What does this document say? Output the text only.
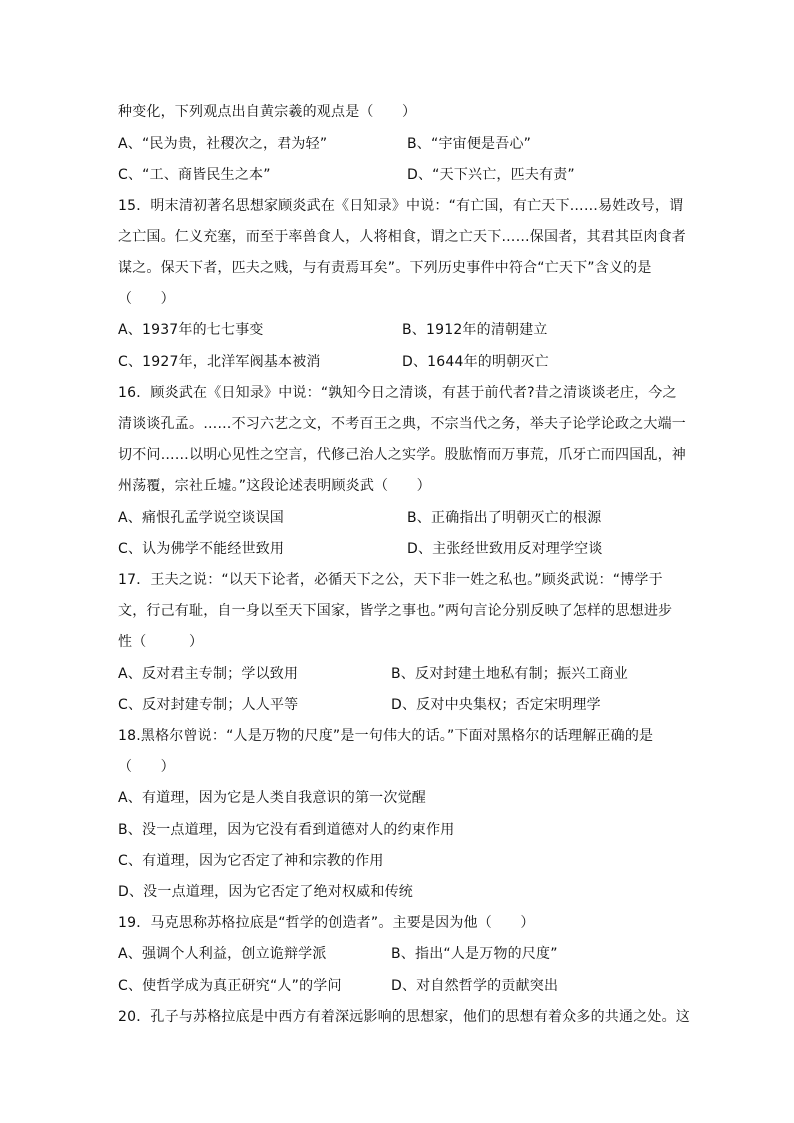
种变化，下列观点出自黄宗羲的观点是（　　）
A、“民为贵，社稷次之，君为轻”	B、“宇宙便是吾心”
C、“工、商皆民生之本”	D、“天下兴亡，匹夫有责”
15．明末清初著名思想家顾炎武在《日知录》中说：“有亡国，有亡天下……易姓改号，谓
之亡国。仁义充塞，而至于率兽食人，人将相食，谓之亡天下……保国者，其君其臣肉食者
谋之。保天下者，匹夫之贱，与有责焉耳矣”。下列历史事件中符合“亡天下”含义的是
（　　）
A、1937年的七七事变	B、1912年的清朝建立
C、1927年，北洋军阀基本被消	D、1644年的明朝灭亡
16．顾炎武在《日知录》中说：“孰知今日之清谈，有甚于前代者?昔之清谈谈老庄，今之
清谈谈孔孟。……不习六艺之文，不考百王之典，不宗当代之务，举夫子论学论政之大端一
切不问……以明心见性之空言，代修己治人之实学。股肱惰而万事荒，爪牙亡而四国乱，神
州荡覆，宗社丘墟。”这段论述表明顾炎武（　　）
A、痛恨孔孟学说空谈误国	B、正确指出了明朝灭亡的根源
C、认为佛学不能经世致用	D、主张经世致用反对理学空谈
17．王夫之说：“以天下论者，必循天下之公，天下非一姓之私也。”顾炎武说：“博学于
文，行己有耻，自一身以至天下国家，皆学之事也。”两句言论分别反映了怎样的思想进步
性（　　　）
A、反对君主专制；学以致用	B、反对封建土地私有制；振兴工商业
C、反对封建专制；人人平等	D、反对中央集权；否定宋明理学
18.黑格尔曾说：“人是万物的尺度”是一句伟大的话。”下面对黑格尔的话理解正确的是
（　　）
A、有道理，因为它是人类自我意识的第一次觉醒
B、没一点道理，因为它没有看到道德对人的约束作用
C、有道理，因为它否定了神和宗教的作用
D、没一点道理，因为它否定了绝对权威和传统
19．马克思称苏格拉底是“哲学的创造者”。主要是因为他（　　）
A、强调个人利益，创立诡辩学派	B、指出“人是万物的尺度”
C、使哲学成为真正研究“人”的学问	D、对自然哲学的贡献突出
20．孔子与苏格拉底是中西方有着深远影响的思想家，他们的思想有着众多的共通之处。这
